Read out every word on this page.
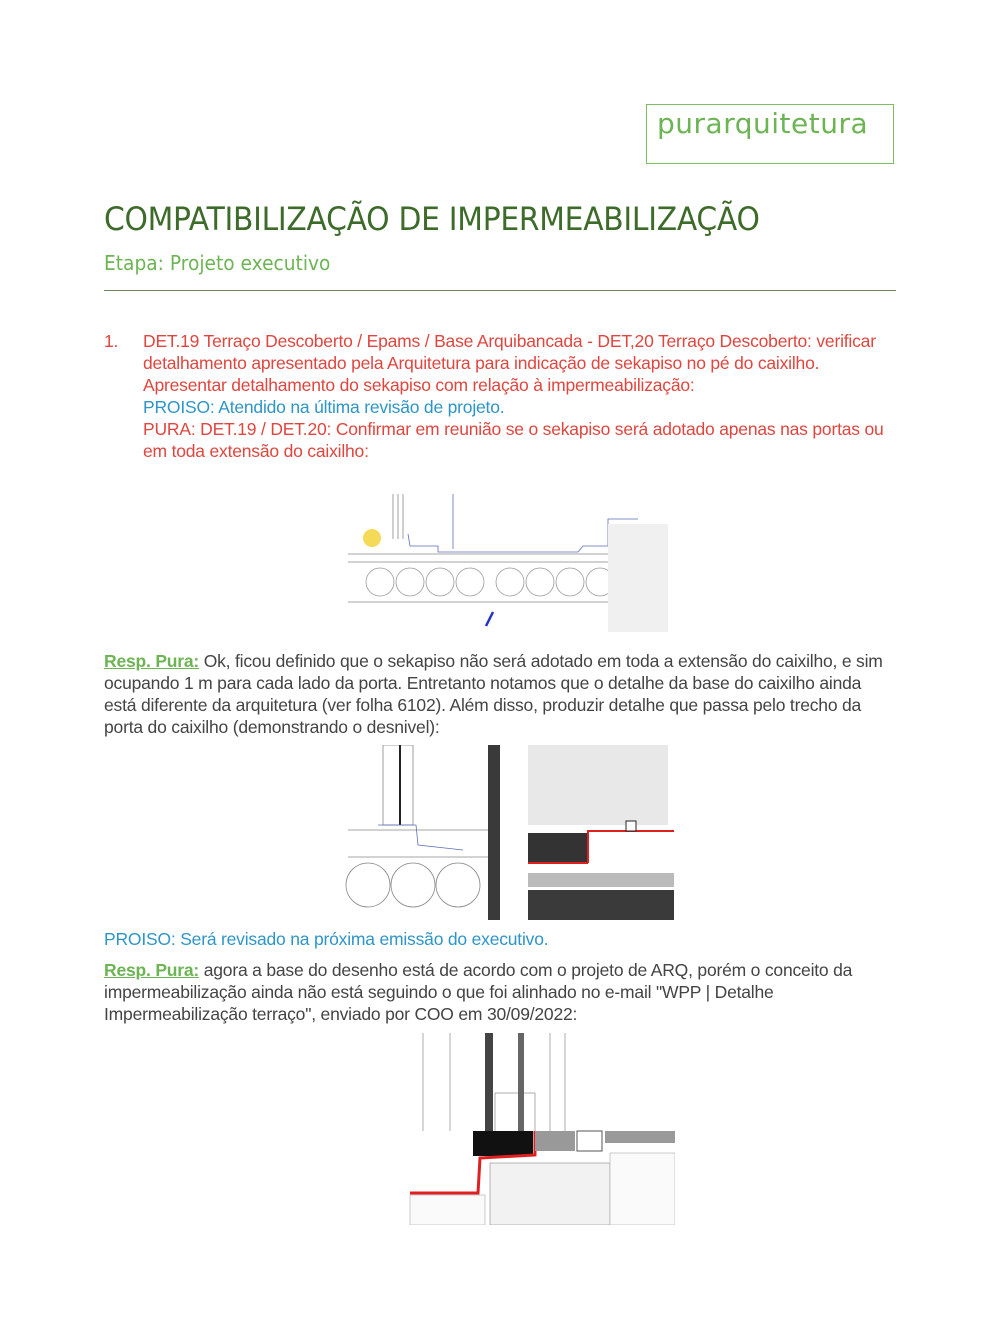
purarquitetura
COMPATIBILIZAÇÃO DE IMPERMEABILIZAÇÃO
Etapa: Projeto executivo
1. DET.19 Terraço Descoberto / Epams / Base Arquibancada - DET,20 Terraço Descoberto: verificar detalhamento apresentado pela Arquitetura para indicação de sekapiso no pé do caixilho. Apresentar detalhamento do sekapiso com relação à impermeabilização:
PROISO: Atendido na última revisão de projeto.
PURA: DET.19 / DET.20: Confirmar em reunião se o sekapiso será adotado apenas nas portas ou em toda extensão do caixilho:
Resp. Pura: Ok, ficou definido que o sekapiso não será adotado em toda a extensão do caixilho, e sim ocupando 1 m para cada lado da porta. Entretanto notamos que o detalhe da base do caixilho ainda está diferente da arquitetura (ver folha 6102). Além disso, produzir detalhe que passa pelo trecho da porta do caixilho (demonstrando o desnivel):
PROISO: Será revisado na próxima emissão do executivo.
Resp. Pura: agora a base do desenho está de acordo com o projeto de ARQ, porém o conceito da impermeabilização ainda não está seguindo o que foi alinhado no e-mail "WPP | Detalhe Impermeabilização terraço", enviado por COO em 30/09/2022:
